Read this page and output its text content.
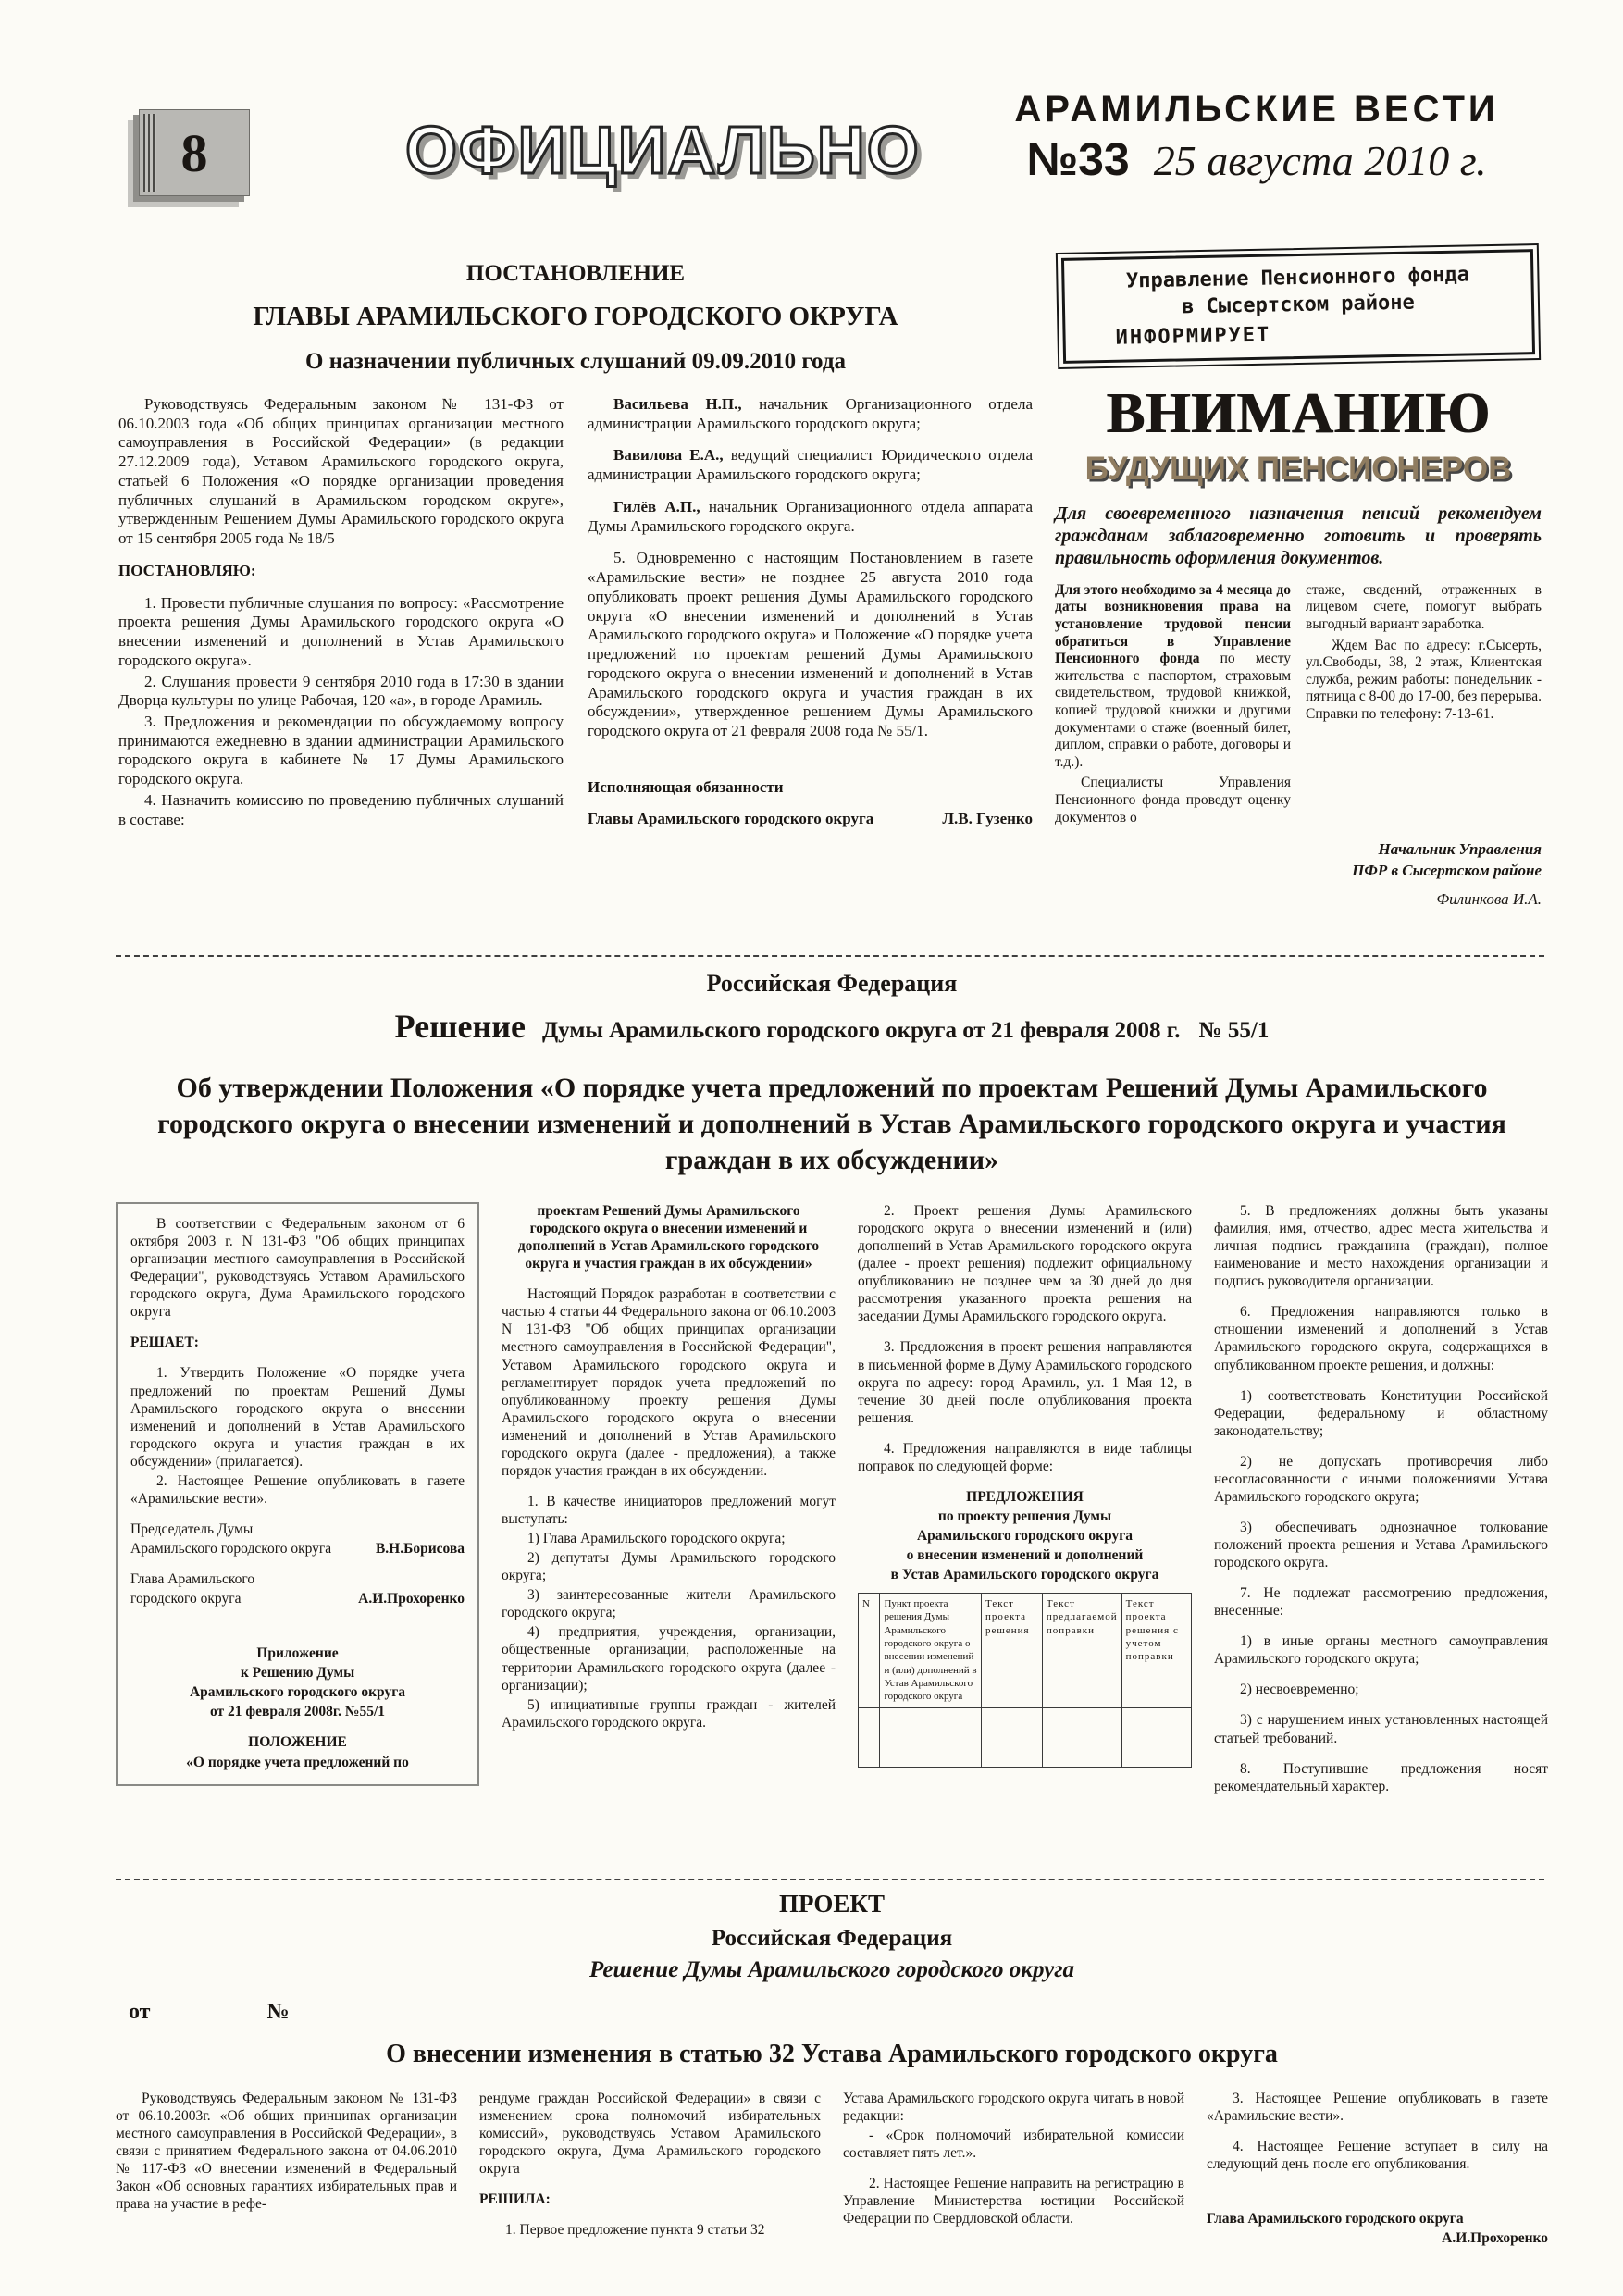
8	ОФИЦИАЛЬНО
АРАМИЛЬСКИЕ ВЕСТИ
№33 25 августа 2010 г.
ПОСТАНОВЛЕНИЕ
ГЛАВЫ АРАМИЛЬСКОГО ГОРОДСКОГО ОКРУГА
О назначении публичных слушаний 09.09.2010 года
Руководствуясь Федеральным законом № 131-ФЗ от 06.10.2003 года «Об общих принципах организации местного самоуправления в Российской Федерации» (в редакции 27.12.2009 года), Уставом Арамильского городского округа, статьей 6 Положения «О порядке организации проведения публичных слушаний в Арамильском городском округе», утвержденным Решением Думы Арамильского городского округа от 15 сентября 2005 года № 18/5
ПОСТАНОВЛЯЮ:
1. Провести публичные слушания по вопросу: «Рассмотрение проекта решения Думы Арамильского городского округа «О внесении изменений и дополнений в Устав Арамильского городского округа».
2. Слушания провести 9 сентября 2010 года в 17:30 в здании Дворца культуры по улице Рабочая, 120 «а», в городе Арамиль.
3. Предложения и рекомендации по обсуждаемому вопросу принимаются ежедневно в здании администрации Арамильского городского округа в кабинете № 17 Думы Арамильского городского округа.
4. Назначить комиссию по проведению публичных слушаний в составе:
Васильева Н.П., начальник Организационного отдела администрации Арамильского городского округа;
Вавилова Е.А., ведущий специалист Юридического отдела администрации Арамильского городского округа;
Гилёв А.П., начальник Организационного отдела аппарата Думы Арамильского городского округа.
5. Одновременно с настоящим Постановлением в газете «Арамильские вести» не позднее 25 августа 2010 года опубликовать проект решения Думы Арамильского городского округа «О внесении изменений и дополнений в Устав Арамильского городского округа» и Положение «О порядке учета предложений по проектам решений Думы Арамильского городского округа о внесении изменений и дополнений в Устав Арамильского городского округа и участия граждан в их обсуждении», утвержденное решением Думы Арамильского городского округа от 21 февраля 2008 года № 55/1.
Исполняющая обязанности
Главы Арамильского городского округа	Л.В. Гузенко
Управление Пенсионного фонда
в Сысертском районе
ИНФОРМИРУЕТ
ВНИМАНИЮ
БУДУЩИХ ПЕНСИОНЕРОВ
Для своевременного назначения пенсий рекомендуем гражданам заблаговременно готовить и проверять правильность оформления документов.
Для этого необходимо за 4 месяца до даты возникновения права на установление трудовой пенсии обратиться в Управление Пенсионного фонда по месту жительства с паспортом, страховым свидетельством, трудовой книжкой, копией трудовой книжки и другими документами о стаже (военный билет, диплом, справки о работе, договоры и т.д.).
Специалисты Управления Пенсионного фонда проведут оценку документов о
стаже, сведений, отраженных в лицевом счете, помогут выбрать выгодный вариант заработка.
Ждем Вас по адресу: г.Сысерть, ул.Свободы, 38, 2 этаж, Клиентская служба, режим работы: понедельник - пятница с 8-00 до 17-00, без перерыва. Справки по телефону: 7-13-61.
Начальник Управления
ПФР в Сысертском районе
Филинкова И.А.
Российская Федерация
Решение Думы Арамильского городского округа от 21 февраля 2008 г. № 55/1
Об утверждении Положения «О порядке учета предложений по проектам Решений Думы Арамильского городского округа о внесении изменений и дополнений в Устав Арамильского городского округа и участия граждан в их обсуждении»
В соответствии с Федеральным законом от 6 октября 2003 г. N 131-ФЗ "Об общих принципах организации местного самоуправления в Российской Федерации", руководствуясь Уставом Арамильского городского округа, Дума Арамильского городского округа
РЕШАЕТ:
1. Утвердить Положение «О порядке учета предложений по проектам Решений Думы Арамильского городского округа о внесении изменений и дополнений в Устав Арамильского городского округа и участия граждан в их обсуждении» (прилагается).
2. Настоящее Решение опубликовать в газете «Арамильские вести».
Председатель Думы
Арамильского городского округа	В.Н.Борисова
Глава Арамильского
городского округа	А.И.Прохоренко
Приложение
к Решению Думы
Арамильского городского округа
от 21 февраля 2008г. №55/1
ПОЛОЖЕНИЕ
«О порядке учета предложений по
проектам Решений Думы Арамильского городского округа о внесении изменений и дополнений в Устав Арамильского городского округа и участия граждан в их обсуждении»
Настоящий Порядок разработан в соответствии с частью 4 статьи 44 Федерального закона от 06.10.2003 N 131-ФЗ "Об общих принципах организации местного самоуправления в Российской Федерации", Уставом Арамильского городского округа и регламентирует порядок учета предложений по опубликованному проекту решения Думы Арамильского городского округа о внесении изменений и дополнений в Устав Арамильского городского округа (далее - предложения), а также порядок участия граждан в их обсуждении.
1. В качестве инициаторов предложений могут выступать:
1) Глава Арамильского городского округа;
2) депутаты Думы Арамильского городского округа;
3) заинтересованные жители Арамильского городского округа;
4) предприятия, учреждения, организации, общественные организации, расположенные на территории Арамильского городского округа (далее - организации);
5) инициативные группы граждан - жителей Арамильского городского округа.
2. Проект решения Думы Арамильского городского округа о внесении изменений и (или) дополнений в Устав Арамильского городского округа (далее - проект решения) подлежит официальному опубликованию не позднее чем за 30 дней до дня рассмотрения указанного проекта решения на заседании Думы Арамильского городского округа.
3. Предложения в проект решения направляются в письменной форме в Думу Арамильского городского округа по адресу: город Арамиль, ул. 1 Мая 12, в течение 30 дней после опубликования проекта решения.
4. Предложения направляются в виде таблицы поправок по следующей форме:
ПРЕДЛОЖЕНИЯ
по проекту решения Думы
Арамильского городского округа
о внесении изменений и дополнений
в Устав Арамильского городского округа
N	Пункт проекта решения Думы Арамильского городского округа о внесении изменений и (или) дополнений в Устав Арамильского городского округа	Текст проекта решения	Текст предлагаемой поправки	Текст проекта решения с учетом поправки

5. В предложениях должны быть указаны фамилия, имя, отчество, адрес места жительства и личная подпись гражданина (граждан), полное наименование и место нахождения организации и подпись руководителя организации.
6. Предложения направляются только в отношении изменений и дополнений в Устав Арамильского городского округа, содержащихся в опубликованном проекте решения, и должны:
1) соответствовать Конституции Российской Федерации, федеральному и областному законодательству;
2) не допускать противоречия либо несогласованности с иными положениями Устава Арамильского городского округа;
3) обеспечивать однозначное толкование положений проекта решения и Устава Арамильского городского округа.
7. Не подлежат рассмотрению предложения, внесенные:
1) в иные органы местного самоуправления Арамильского городского округа;
2) несвоевременно;
3) с нарушением иных установленных настоящей статьей требований.
8. Поступившие предложения носят рекомендательный характер.
ПРОЕКТ
Российская Федерация
Решение Думы Арамильского городского округа
от	№
О внесении изменения в статью 32 Устава Арамильского городского округа
Руководствуясь Федеральным законом № 131-ФЗ от 06.10.2003г. «Об общих принципах организации местного самоуправления в Российской Федерации», в связи с принятием Федерального закона от 04.06.2010 № 117-ФЗ «О внесении изменений в Федеральный Закон «Об основных гарантиях избирательных прав и права на участие в рефе-
рендуме граждан Российской Федерации» в связи с изменением срока полномочий избирательных комиссий», руководствуясь Уставом Арамильского городского округа, Дума Арамильского городского округа
РЕШИЛА:
1. Первое предложение пункта 9 статьи 32
Устава Арамильского городского округа читать в новой редакции:
- «Срок полномочий избирательной комиссии составляет пять лет.».
2. Настоящее Решение направить на регистрацию в Управление Министерства юстиции Российской Федерации по Свердловской области.
3. Настоящее Решение опубликовать в газете «Арамильские вести».
4. Настоящее Решение вступает в силу на следующий день после его опубликования.
Глава Арамильского городского округа
А.И.Прохоренко
